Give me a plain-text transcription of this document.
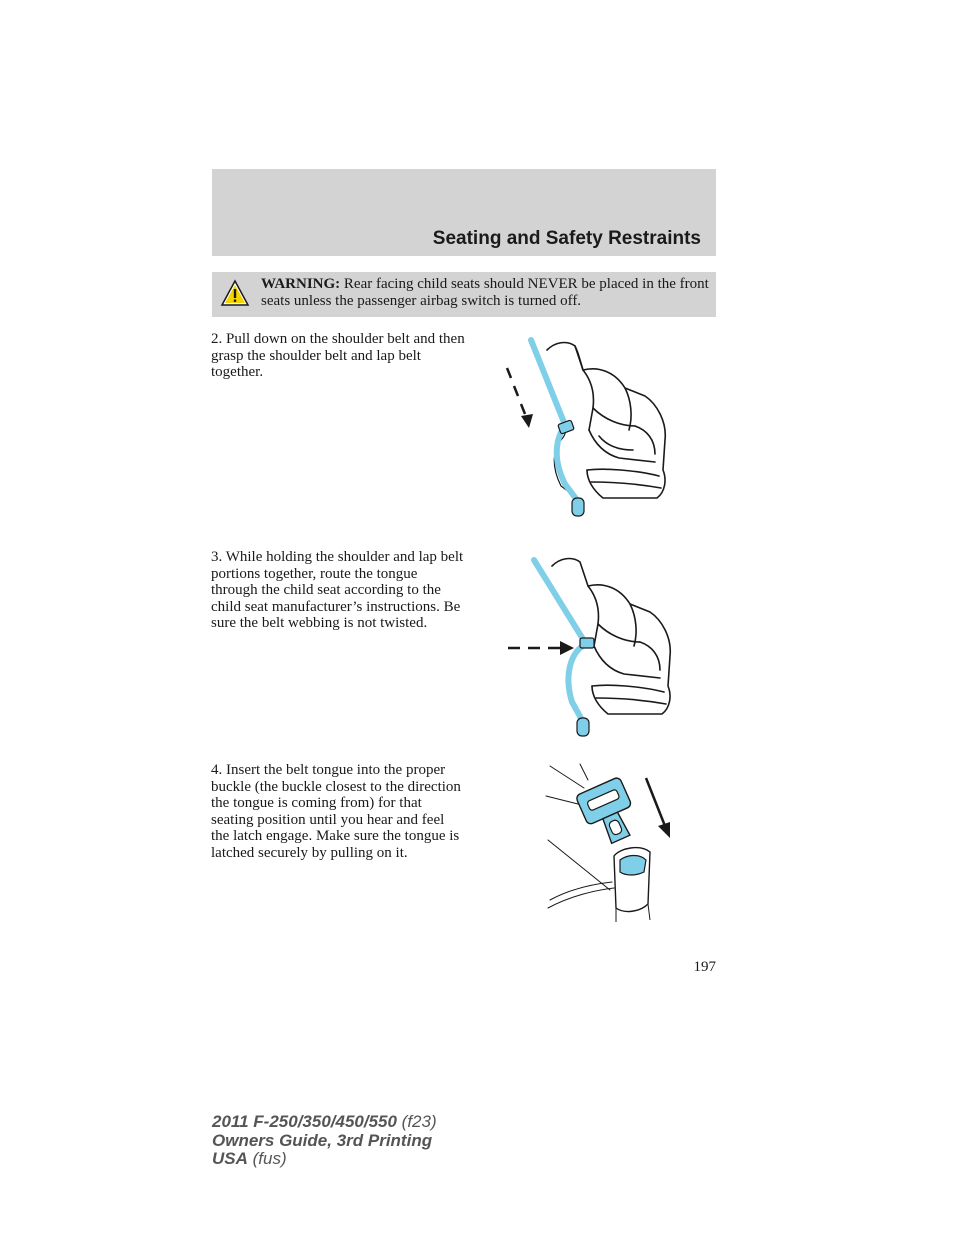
Seating and Safety Restraints
WARNING: Rear facing child seats should NEVER be placed in the front seats unless the passenger airbag switch is turned off.
2. Pull down on the shoulder belt and then grasp the shoulder belt and lap belt together.
3. While holding the shoulder and lap belt portions together, route the tongue through the child seat according to the child seat manufacturer’s instructions. Be sure the belt webbing is not twisted.
4. Insert the belt tongue into the proper buckle (the buckle closest to the direction the tongue is coming from) for that seating position until you hear and feel the latch engage. Make sure the tongue is latched securely by pulling on it.
197
2011 F-250/350/450/550 (f23)
Owners Guide, 3rd Printing
USA (fus)
